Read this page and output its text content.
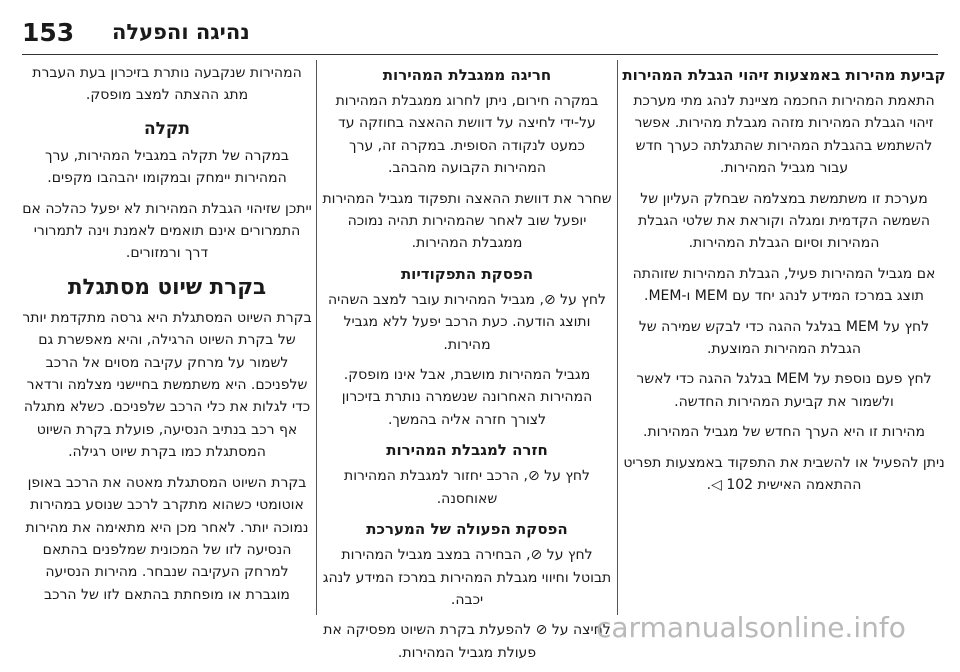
153 נהיגה והפעלה
קביעת מהירות באמצעות זיהוי הגבלת המהירות

התאמת המהירות החכמה מציינת לנהג מתי מערכת זיהוי הגבלת המהירות מזהה מגבלת מהירות. אפשר להשתמש בהגבלת המהירות שהתגלתה כערך חדש עבור מגביל המהירות.

מערכת זו משתמשת במצלמה שבחלק העליון של השמשה הקדמית ומגלה וקוראת את שלטי הגבלת המהירות וסיום הגבלת המהירות.

אם מגביל המהירות פעיל, הגבלת המהירות שזוהתה תוצג במרכז המידע לנהג יחד עם MEM ו-MEM.

לחץ על MEM בגלגל ההגה כדי לבקש שמירה של הגבלת המהירות המוצעת.

לחץ פעם נוספת על MEM בגלגל ההגה כדי לאשר ולשמור את קביעת המהירות החדשה.

מהירות זו היא הערך החדש של מגביל המהירות.

ניתן להפעיל או להשבית את התפקוד באמצעות תפריט ההתאמה האישית 102 ◁.

חריגה ממגבלת המהירות

במקרה חירום, ניתן לחרוג ממגבלת המהירות על-ידי לחיצה על דוושת ההאצה בחוזקה עד כמעט לנקודה הסופית. במקרה זה, ערך המהירות הקבועה מהבהב.

שחרר את דוושת ההאצה ותפקוד מגביל המהירות יופעל שוב לאחר שהמהירות תהיה נמוכה ממגבלת המהירות.

הפסקת התפקודיות

לחץ על ⊘, מגביל המהירות עובר למצב השהיה ותוצג הודעה. כעת הרכב יפעל ללא מגביל מהירות.

מגביל המהירות מושבת, אבל אינו מופסק. המהירות האחרונה שנשמרה נותרת בזיכרון לצורך חזרה אליה בהמשך.

חזרה למגבלת המהירות

לחץ על ⊘, הרכב יחזור למגבלת המהירות שאוחסנה.

הפסקת הפעולה של המערכת

לחץ על ⊘, הבחירה במצב מגביל המהירות תבוטל וחיווי מגבלת המהירות במרכז המידע לנהג יכבה.

לחיצה על ⊘ להפעלת בקרת השיוט מפסיקה את פעולת מגביל המהירות.

המהירות שנקבעה נותרת בזיכרון בעת העברת מתג ההצתה למצב מופסק.

תקלה

במקרה של תקלה במגביל המהירות, ערך המהירות יימחק ובמקומו יהבהבו מקפים.

ייתכן שזיהוי הגבלת המהירות לא יפעל כהלכה אם התמרורים אינם תואמים לאמנת וינה לתמרורי דרך ורמזורים.

בקרת שיוט מסתגלת

בקרת השיוט המסתגלת היא גרסה מתקדמת יותר של בקרת השיוט הרגילה, והיא מאפשרת גם לשמור על מרחק עקיבה מסוים אל הרכב שלפניכם. היא משתמשת בחיישני מצלמה ורדאר כדי לגלות את כלי הרכב שלפניכם. כשלא מתגלה אף רכב בנתיב הנסיעה, פועלת בקרת השיוט המסתגלת כמו בקרת שיוט רגילה.

בקרת השיוט המסתגלת מאטה את הרכב באופן אוטומטי כשהוא מתקרב לרכב שנוסע במהירות נמוכה יותר. לאחר מכן היא מתאימה את מהירות הנסיעה לזו של המכונית שמלפנים בהתאם למרחק העקיבה שנבחר. מהירות הנסיעה מוגברת או מופחתת בהתאם לזו של הרכב

carmanualsonline.info
